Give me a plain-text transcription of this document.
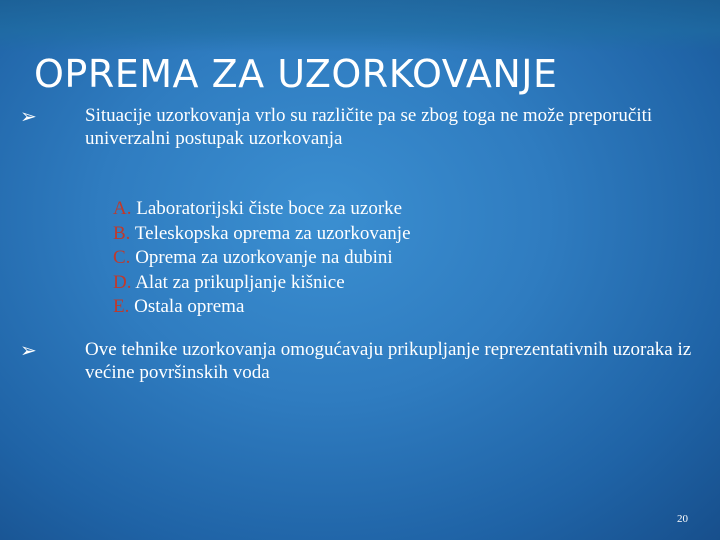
OPREMA ZA UZORKOVANJE
➢	Situacije uzorkovanja vrlo su različite pa se zbog toga ne može preporučiti univerzalni postupak uzorkovanja
A. Laboratorijski čiste boce za uzorke
B. Teleskopska oprema za uzorkovanje
C. Oprema za uzorkovanje na dubini
D. Alat za prikupljanje kišnice
E. Ostala oprema
➢	Ove tehnike uzorkovanja omogućavaju prikupljanje reprezentativnih uzoraka iz većine površinskih voda
20
